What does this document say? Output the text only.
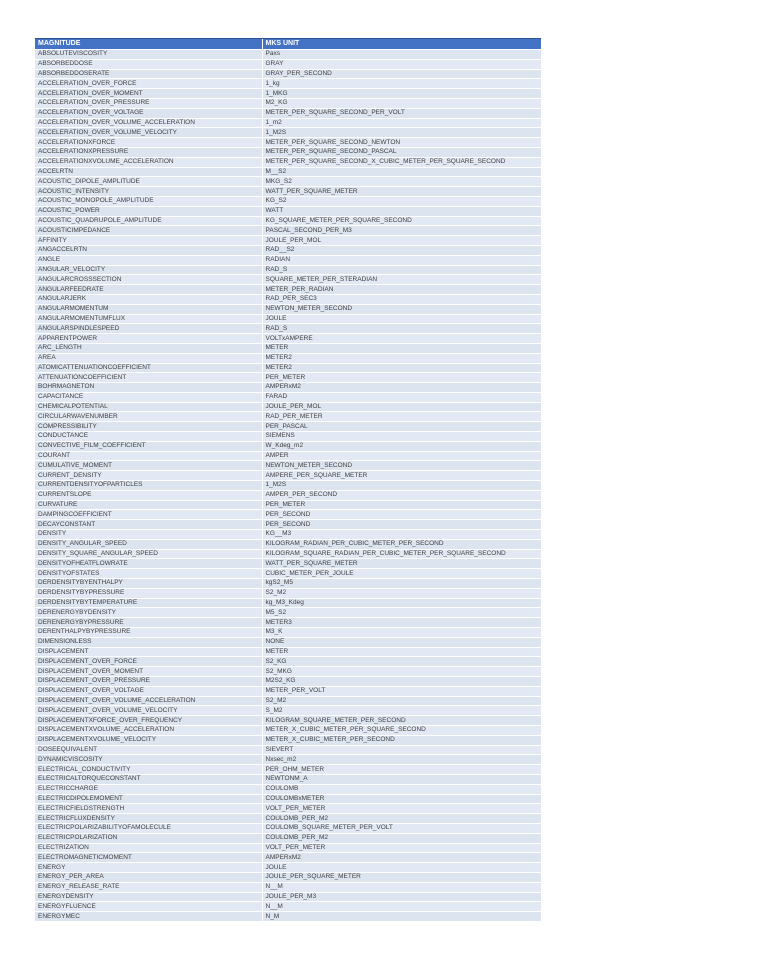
MAGNITUDE	MKS UNIT
ABSOLUTEVISCOSITY	Paxs
ABSORBEDDOSE	GRAY
ABSORBEDDOSERATE	GRAY_PER_SECOND
ACCELERATION_OVER_FORCE	1_kg
ACCELERATION_OVER_MOMENT	1_MKG
ACCELERATION_OVER_PRESSURE	M2_KG
ACCELERATION_OVER_VOLTAGE	METER_PER_SQUARE_SECOND_PER_VOLT
ACCELERATION_OVER_VOLUME_ACCELERATION	1_m2
ACCELERATION_OVER_VOLUME_VELOCITY	1_M2S
ACCELERATIONXFORCE	METER_PER_SQUARE_SECOND_NEWTON
ACCELERATIONXPRESSURE	METER_PER_SQUARE_SECOND_PASCAL
ACCELERATIONXVOLUME_ACCELERATION	METER_PER_SQUARE_SECOND_X_CUBIC_METER_PER_SQUARE_SECOND
ACCELRTN	M__S2
ACOUSTIC_DIPOLE_AMPLITUDE	MKG_S2
ACOUSTIC_INTENSITY	WATT_PER_SQUARE_METER
ACOUSTIC_MONOPOLE_AMPLITUDE	KG_S2
ACOUSTIC_POWER	WATT
ACOUSTIC_QUADRUPOLE_AMPLITUDE	KG_SQUARE_METER_PER_SQUARE_SECOND
ACOUSTICIMPEDANCE	PASCAL_SECOND_PER_M3
AFFINITY	JOULE_PER_MOL
ANGACCELRTN	RAD__S2
ANGLE	RADIAN
ANGULAR_VELOCITY	RAD_S
ANGULARCROSSSECTION	SQUARE_METER_PER_STERADIAN
ANGULARFEEDRATE	METER_PER_RADIAN
ANGULARJERK	RAD_PER_SEC3
ANGULARMOMENTUM	NEWTON_METER_SECOND
ANGULARMOMENTUMFLUX	JOULE
ANGULARSPINDLESPEED	RAD_S
APPARENTPOWER	VOLTxAMPERE
ARC_LENGTH	METER
AREA	METER2
ATOMICATTENUATIONCOEFFICIENT	METER2
ATTENUATIONCOEFFICIENT	PER_METER
BOHRMAGNETON	AMPERxM2
CAPACITANCE	FARAD
CHEMICALPOTENTIAL	JOULE_PER_MOL
CIRCULARWAVENUMBER	RAD_PER_METER
COMPRESSIBILITY	PER_PASCAL
CONDUCTANCE	SIEMENS
CONVECTIVE_FILM_COEFFICIENT	W_Kdeg_m2
COURANT	AMPER
CUMULATIVE_MOMENT	NEWTON_METER_SECOND
CURRENT_DENSITY	AMPERE_PER_SQUARE_METER
CURRENTDENSITYOFPARTICLES	1_M2S
CURRENTSLOPE	AMPER_PER_SECOND
CURVATURE	PER_METER
DAMPINGCOEFFICIENT	PER_SECOND
DECAYCONSTANT	PER_SECOND
DENSITY	KG__M3
DENSITY_ANGULAR_SPEED	KILOGRAM_RADIAN_PER_CUBIC_METER_PER_SECOND
DENSITY_SQUARE_ANGULAR_SPEED	KILOGRAM_SQUARE_RADIAN_PER_CUBIC_METER_PER_SQUARE_SECOND
DENSITYOFHEATFLOWRATE	WATT_PER_SQUARE_METER
DENSITYOFSTATES	CUBIC_METER_PER_JOULE
DERDENSITYBYENTHALPY	kgS2_M5
DERDENSITYBYPRESSURE	S2_M2
DERDENSITYBYTEMPERATURE	kg_M3_Kdeg
DERENERGYBYDENSITY	M5_S2
DERENERGYBYPRESSURE	METER3
DERENTHALPYBYPRESSURE	M3_K
DIMENSIONLESS	NONE
DISPLACEMENT	METER
DISPLACEMENT_OVER_FORCE	S2_KG
DISPLACEMENT_OVER_MOMENT	S2_MKG
DISPLACEMENT_OVER_PRESSURE	M2S2_KG
DISPLACEMENT_OVER_VOLTAGE	METER_PER_VOLT
DISPLACEMENT_OVER_VOLUME_ACCELERATION	S2_M2
DISPLACEMENT_OVER_VOLUME_VELOCITY	S_M2
DISPLACEMENTXFORCE_OVER_FREQUENCY	KILOGRAM_SQUARE_METER_PER_SECOND
DISPLACEMENTXVOLUME_ACCELERATION	METER_X_CUBIC_METER_PER_SQUARE_SECOND
DISPLACEMENTXVOLUME_VELOCITY	METER_X_CUBIC_METER_PER_SECOND
DOSEEQUIVALENT	SIEVERT
DYNAMICVISCOSITY	Nxsec_m2
ELECTRICAL_CONDUCTIVITY	PER_OHM_METER
ELECTRICALTORQUECONSTANT	NEWTONM_A
ELECTRICCHARGE	COULOMB
ELECTRICDIPOLEMOMENT	COULOMBxMETER
ELECTRICFIELDSTRENGTH	VOLT_PER_METER
ELECTRICFLUXDENSITY	COULOMB_PER_M2
ELECTRICPOLARIZABILITYOFAMOLECULE	COULOMB_SQUARE_METER_PER_VOLT
ELECTRICPOLARIZATION	COULOMB_PER_M2
ELECTRIZATION	VOLT_PER_METER
ELECTROMAGNETICMOMENT	AMPERxM2
ENERGY	JOULE
ENERGY_PER_AREA	JOULE_PER_SQUARE_METER
ENERGY_RELEASE_RATE	N__M
ENERGYDENSITY	JOULE_PER_M3
ENERGYFLUENCE	N__M
ENERGYMEC	N_M
